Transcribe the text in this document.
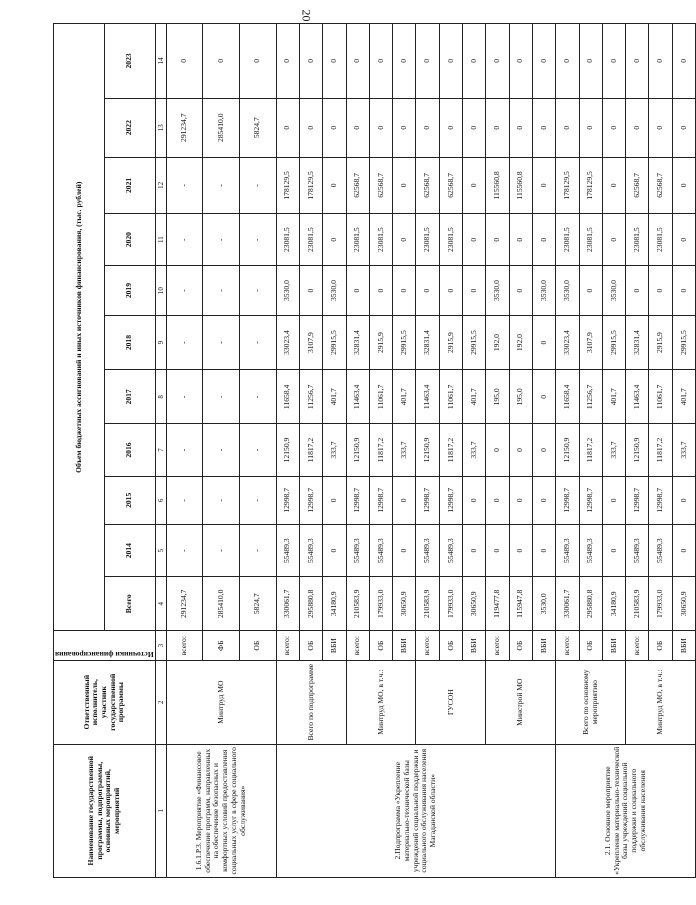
20
Наименование государственной программы, подпрограммы, основных мероприятий, мероприятий	Ответственный исполнитель, участник государственной программы	Источники финансирования	Объем бюджетных ассигнований и иных источников финансирования, (тыс. рублей)										
			Всего	2014	2015	2016	2017	2018	2019	2020	2021	2022	2023
1	2	3	4	5	6	7	8	9	10	11	12	13	14
1.6.1.Р.3. Мероприятие «Финансовое обеспечение программ, направленных на обеспечение безопасных и комфортных условий предоставления социальных услуг в сфере социального обслуживания»	Минтруд МО	всего:	291234,7	-	-	-	-	-	-	-	-	291234,7	0
		ФБ	285410,0	-	-	-	-	-	-	-	-	285410,0	0
		ОБ	5824,7	-	-	-	-	-	-	-	-	5824,7	0
2.Подпрограмма «Укрепление материально-технической базы учреждений социальной поддержки и социального обслуживания населения Магаданской области»	Всего по подпрограмме	всего:	330061,7	55489,3	12998,7	12150,9	11658,4	33023,4	3530,0	23081,5	178129,5	0	0
		ОБ	295880,8	55489,3	12998,7	11817,2	11256,7	3107,9	0	23081,5	178129,5	0	0
		ВБИ	34180,9	0	0	333,7	401,7	29915,5	3530,0	0	0	0	0
	Минтруд МО, в т.ч.:	всего:	210583,9	55489,3	12998,7	12150,9	11463,4	32831,4	0	23081,5	62568,7	0	0
		ОБ	179933,0	55489,3	12998,7	11817,2	11061,7	2915,9	0	23081,5	62568,7	0	0
		ВБИ	30650,9	0	0	333,7	401,7	29915,5	0	0	0	0	0
	ГУСОН	всего:	210583,9	55489,3	12998,7	12150,9	11463,4	32831,4	0	23081,5	62568,7	0	0
		ОБ	179933,0	55489,3	12998,7	11817,2	11061,7	2915,9	0	23081,5	62568,7	0	0
		ВБИ	30650,9	0	0	333,7	401,7	29915,5	0	0	0	0	0
	Минстрой МО	всего:	119477,8	0	0	0	195,0	192,0	3530,0	0	115560,8	0	0
		ОБ	115947,8	0	0	0	195,0	192,0	0	0	115560,8	0	0
		ВБИ	3530,0	0	0	0	0	0	3530,0	0	0	0	0
2.1. Основное мероприятие «Укрепление материально-технической базы учреждений социальной поддержки и социального обслуживания населения	Всего по основному мероприятию	всего:	330061,7	55489,3	12998,7	12150,9	11658,4	33023,4	3530,0	23081,5	178129,5	0	0
		ОБ	295880,8	55489,3	12998,7	11817,2	11256,7	3107,9	0	23081,5	178129,5	0	0
		ВБИ	34180,9	0	0	333,7	401,7	29915,5	3530,0	0	0	0	0
	Минтруд МО, в т.ч.:	всего:	210583,9	55489,3	12998,7	12150,9	11463,4	32831,4	0	23081,5	62568,7	0	0
		ОБ	179933,0	55489,3	12998,7	11817,2	11061,7	2915,9	0	23081,5	62568,7	0	0
		ВБИ	30650,9	0	0	333,7	401,7	29915,5	0	0	0	0	0
